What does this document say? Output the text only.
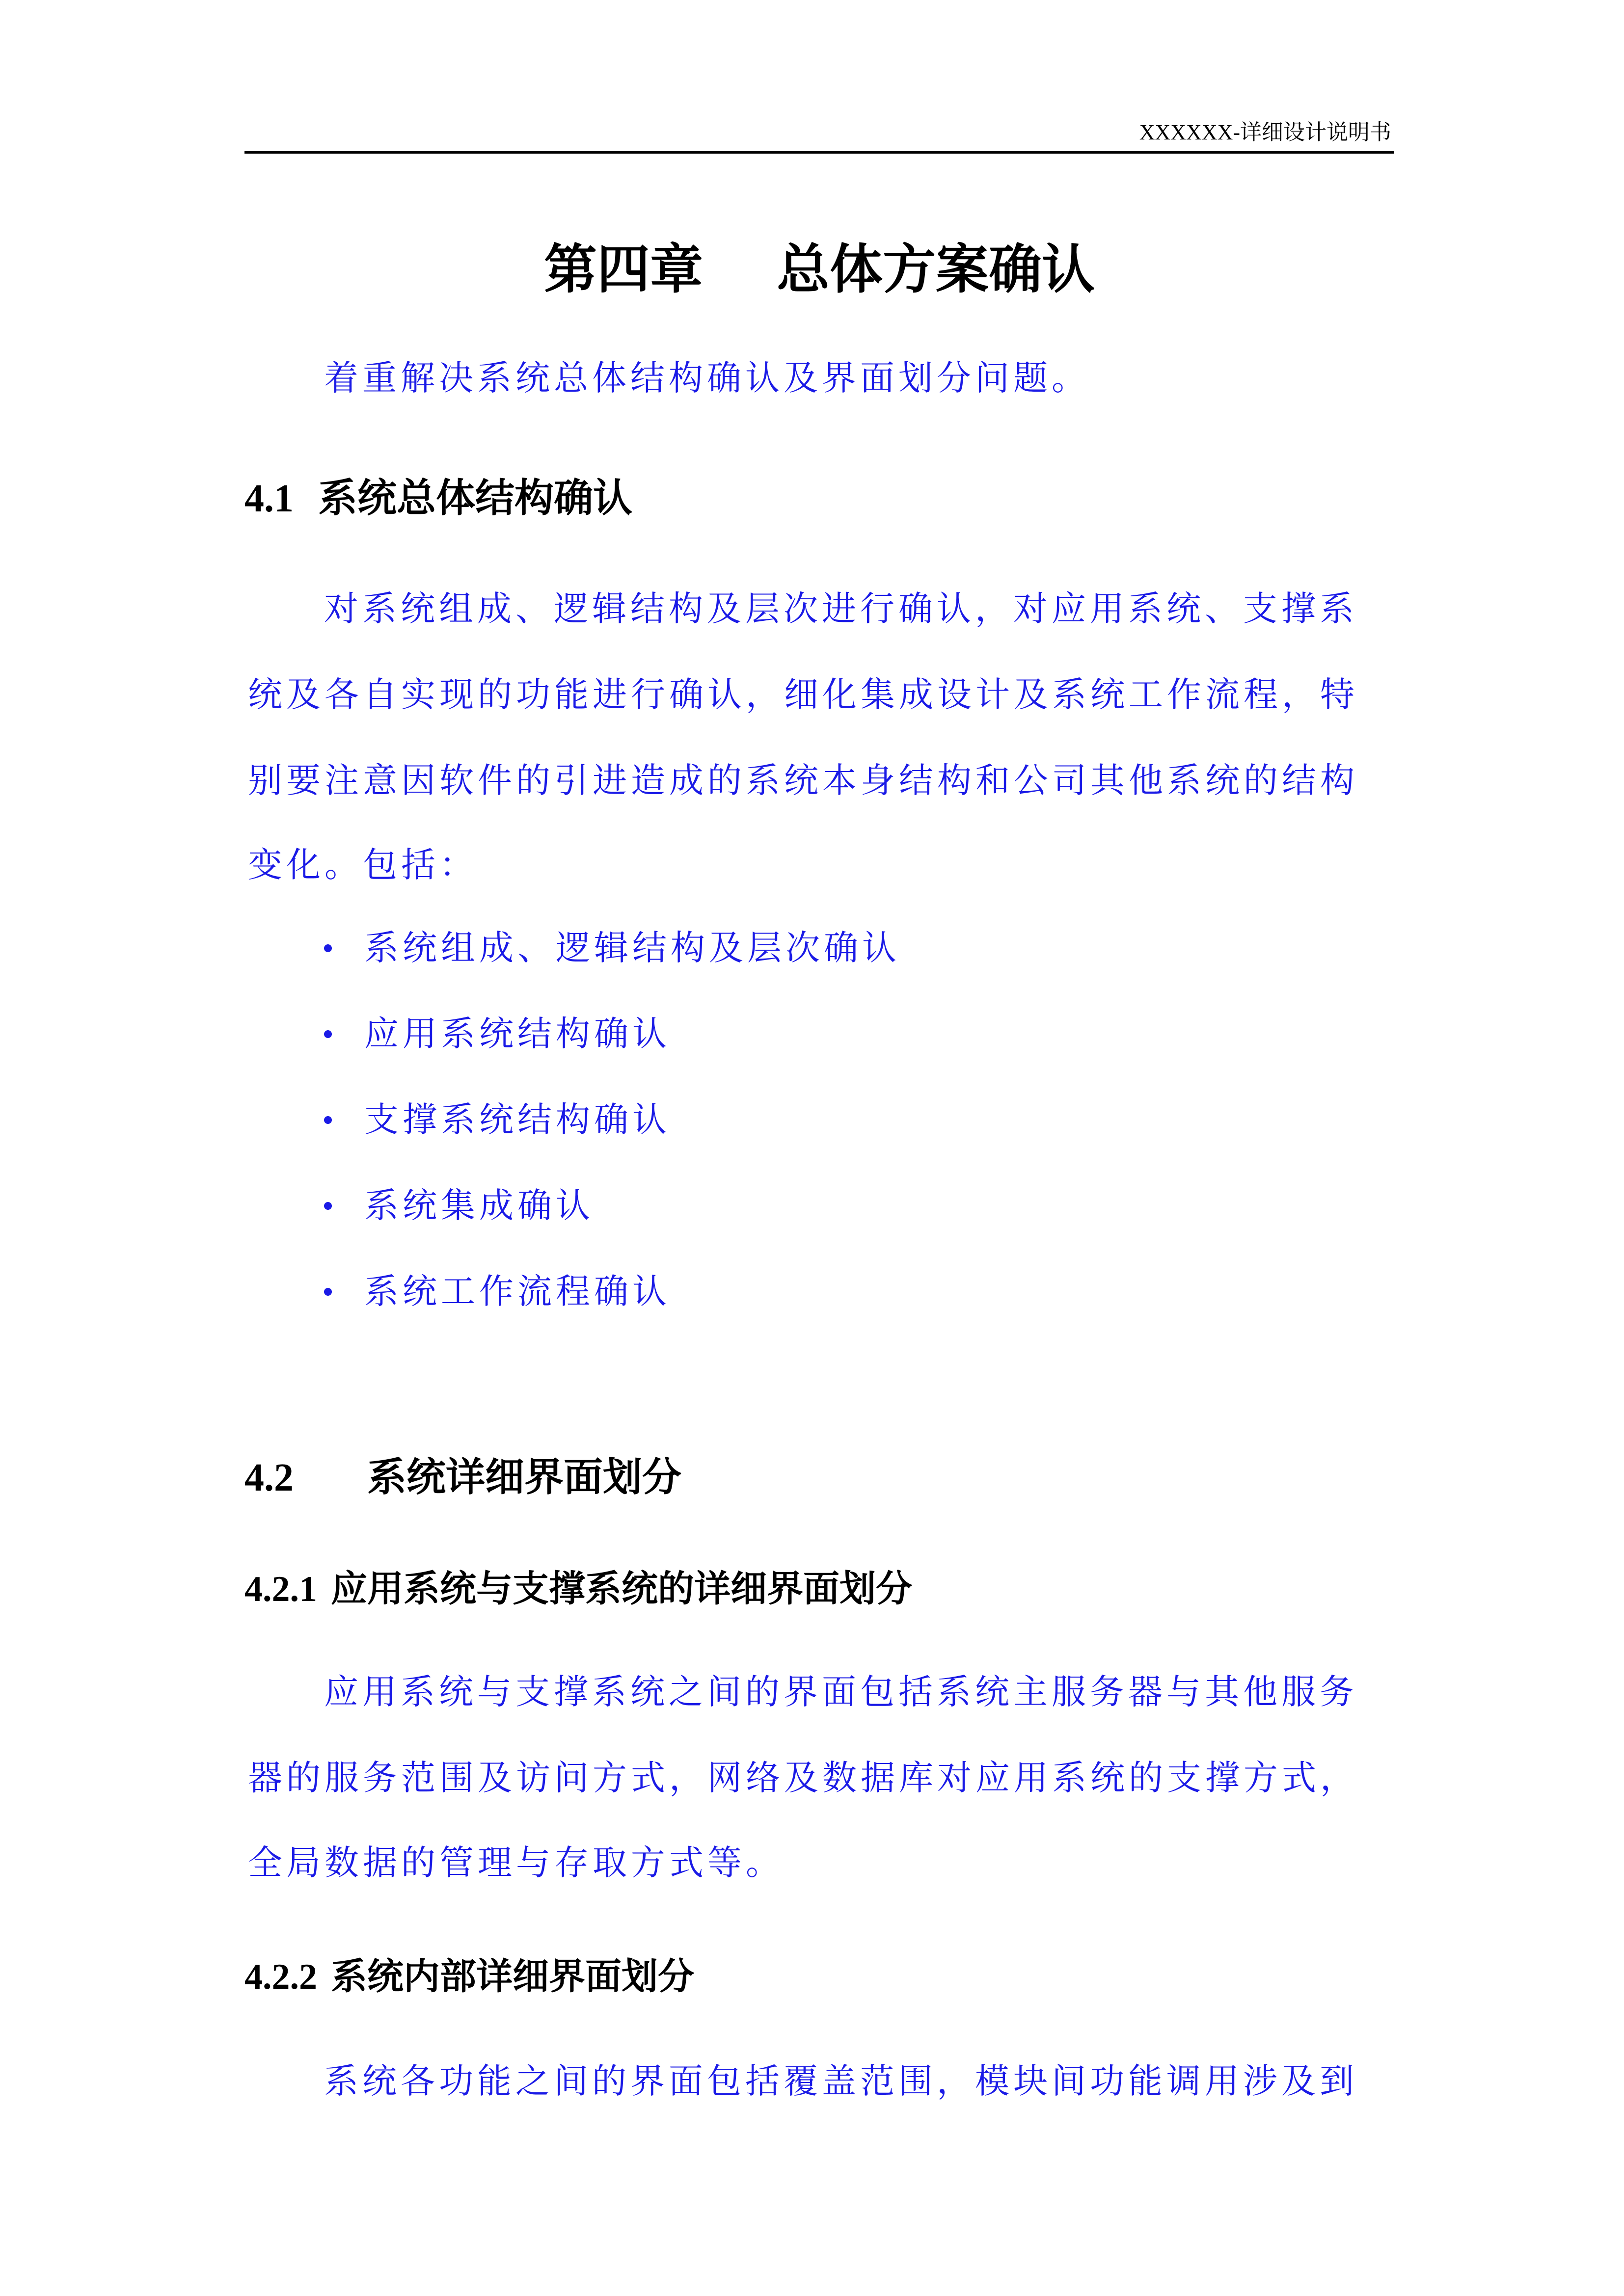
XXXXXX-详细设计说明书
第四章 总体方案确认
着重解决系统总体结构确认及界面划分问题。
4.1 系统总体结构确认
对系统组成、逻辑结构及层次进行确认，对应用系统、支撑系
统及各自实现的功能进行确认，细化集成设计及系统工作流程，特
别要注意因软件的引进造成的系统本身结构和公司其他系统的结构
变化。包括：
系统组成、逻辑结构及层次确认
应用系统结构确认
支撑系统结构确认
系统集成确认
系统工作流程确认
4.2 系统详细界面划分
4.2.1 应用系统与支撑系统的详细界面划分
应用系统与支撑系统之间的界面包括系统主服务器与其他服务
器的服务范围及访问方式，网络及数据库对应用系统的支撑方式，
全局数据的管理与存取方式等。
4.2.2 系统内部详细界面划分
系统各功能之间的界面包括覆盖范围，模块间功能调用涉及到
